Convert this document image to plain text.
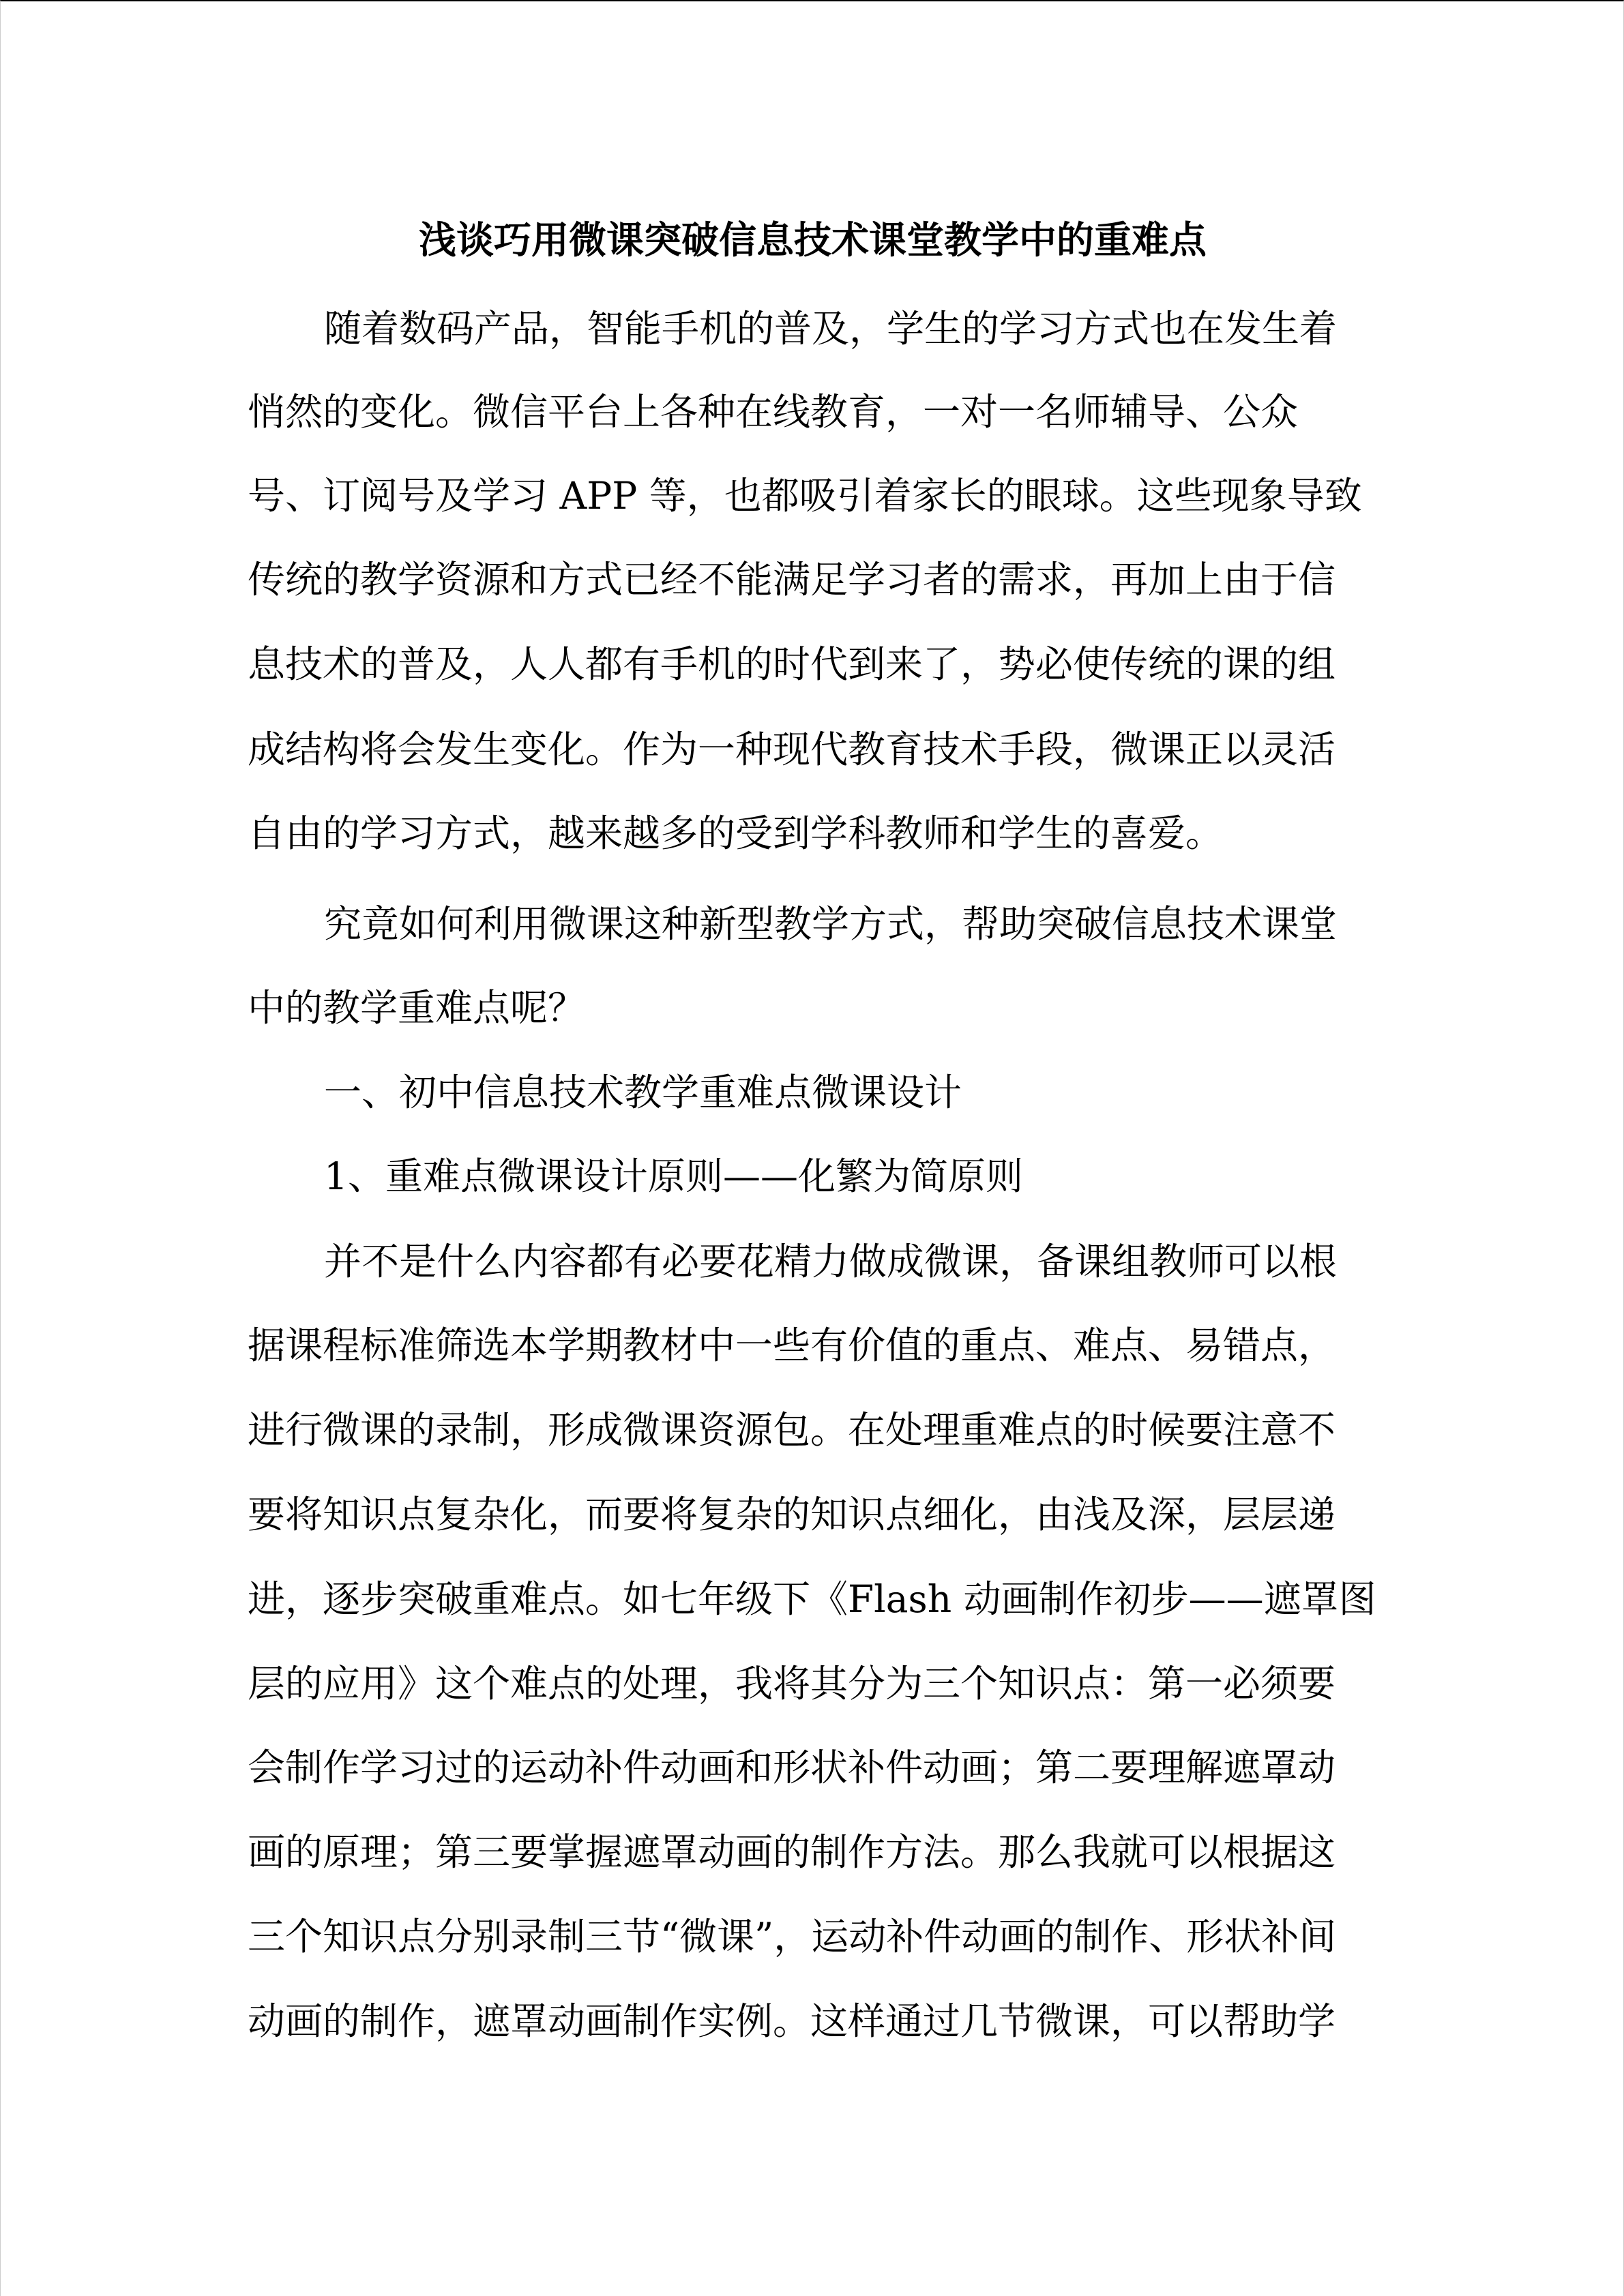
浅谈巧用微课突破信息技术课堂教学中的重难点
随着数码产品，智能手机的普及，学生的学习方式也在发生着
悄然的变化。微信平台上各种在线教育，一对一名师辅导、公众
号、订阅号及学习 APP 等，也都吸引着家长的眼球。这些现象导致
传统的教学资源和方式已经不能满足学习者的需求，再加上由于信
息技术的普及，人人都有手机的时代到来了，势必使传统的课的组
成结构将会发生变化。作为一种现代教育技术手段，微课正以灵活
自由的学习方式，越来越多的受到学科教师和学生的喜爱。
究竟如何利用微课这种新型教学方式，帮助突破信息技术课堂
中的教学重难点呢？
一、初中信息技术教学重难点微课设计
1、重难点微课设计原则——化繁为简原则
并不是什么内容都有必要花精力做成微课，备课组教师可以根
据课程标准筛选本学期教材中一些有价值的重点、难点、易错点，
进行微课的录制，形成微课资源包。在处理重难点的时候要注意不
要将知识点复杂化，而要将复杂的知识点细化，由浅及深，层层递
进，逐步突破重难点。如七年级下《Flash 动画制作初步——遮罩图
层的应用》这个难点的处理，我将其分为三个知识点：第一必须要
会制作学习过的运动补件动画和形状补件动画；第二要理解遮罩动
画的原理；第三要掌握遮罩动画的制作方法。那么我就可以根据这
三个知识点分别录制三节“微课”，运动补件动画的制作、形状补间
动画的制作，遮罩动画制作实例。这样通过几节微课，可以帮助学
